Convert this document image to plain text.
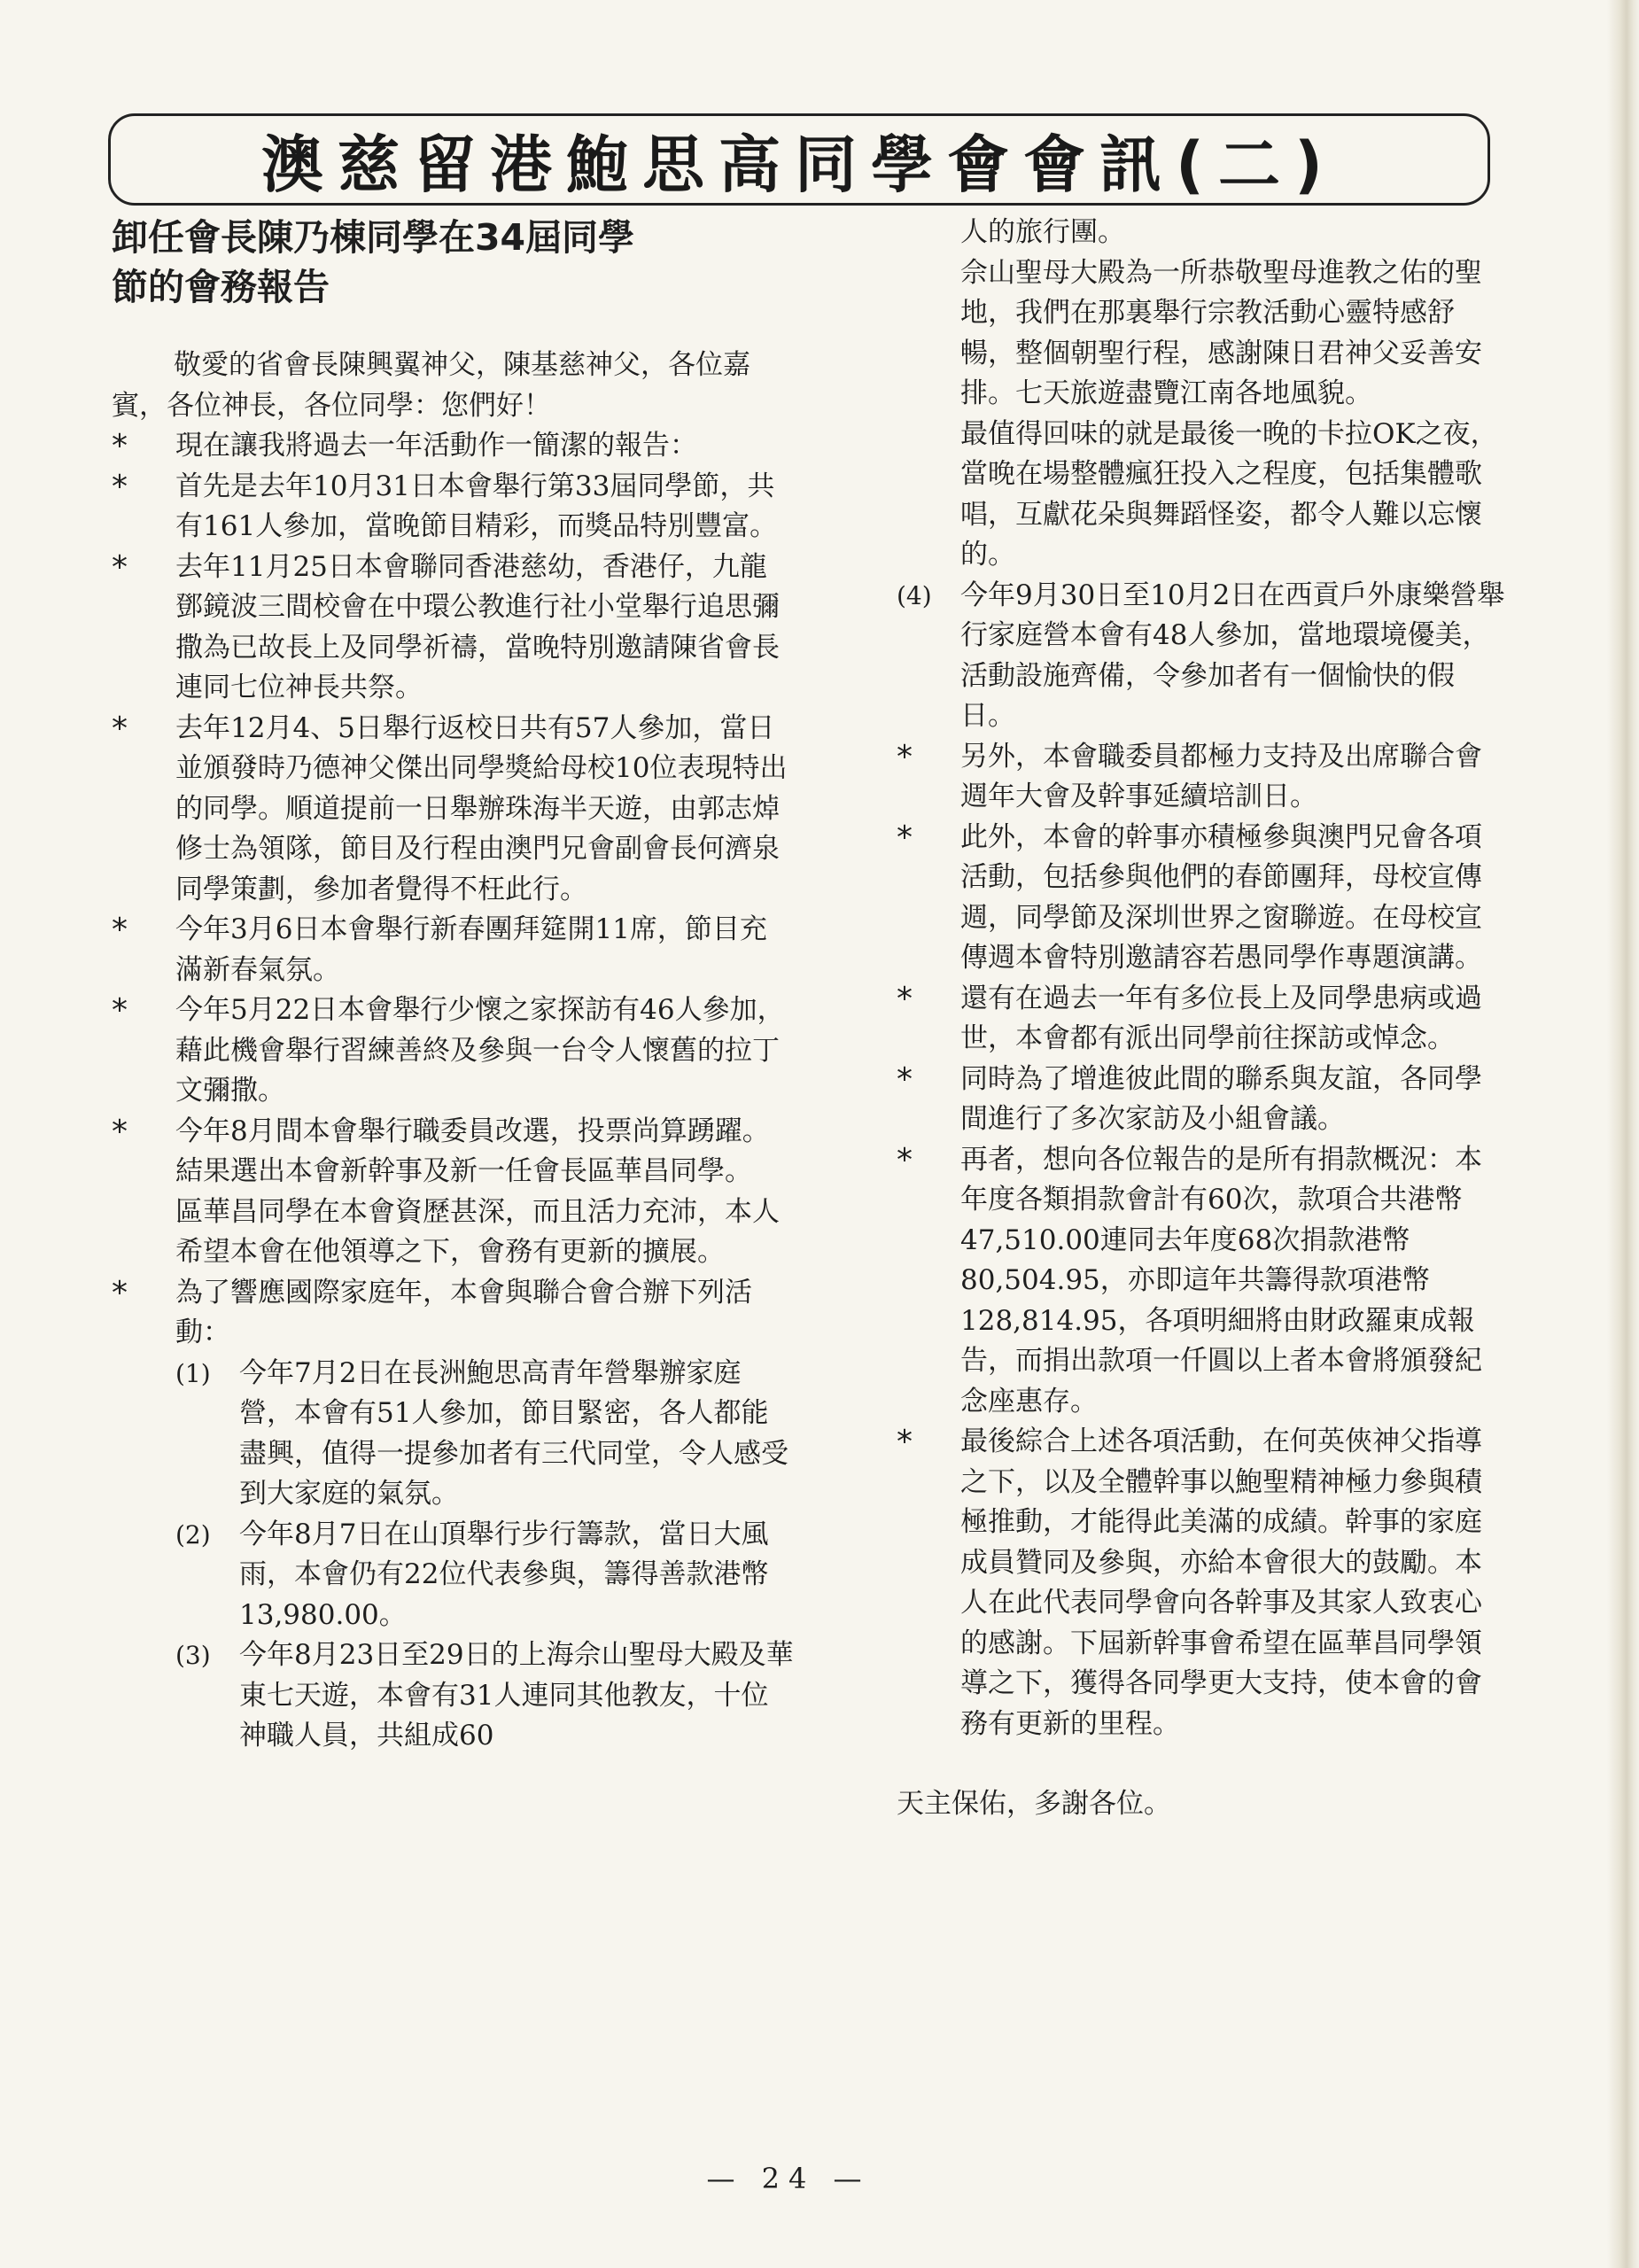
澳慈留港鮑思高同學會會訊(二)
卸任會長陳乃棟同學在34屆同學
節的會務報告

敬愛的省會長陳興翼神父，陳基慈神父，各位嘉賓，各位神長，各位同學：您們好！

*	現在讓我將過去一年活動作一簡潔的報告：
*	首先是去年10月31日本會舉行第33屆同學節，共有161人參加，當晚節目精彩，而獎品特別豐富。
*	去年11月25日本會聯同香港慈幼，香港仔，九龍鄧鏡波三間校會在中環公教進行社小堂舉行追思彌撒為已故長上及同學祈禱，當晚特別邀請陳省會長連同七位神長共祭。
*	去年12月4、5日舉行返校日共有57人參加，當日並頒發時乃德神父傑出同學獎給母校10位表現特出的同學。順道提前一日舉辦珠海半天遊，由郭志焯修士為領隊，節目及行程由澳門兄會副會長何濟泉同學策劃，參加者覺得不枉此行。
*	今年3月6日本會舉行新春團拜筵開11席，節目充滿新春氣氛。
*	今年5月22日本會舉行少懷之家探訪有46人參加，藉此機會舉行習練善終及參與一台令人懷舊的拉丁文彌撒。
*	今年8月間本會舉行職委員改選，投票尚算踴躍。

結果選出本會新幹事及新一任會長區華昌同學。

區華昌同學在本會資歷甚深，而且活力充沛，本人希望本會在他領導之下，會務有更新的擴展。

*	為了響應國際家庭年，本會與聯合會合辦下列活動：
(1)	今年7月2日在長洲鮑思高青年營舉辦家庭營，本會有51人參加，節目緊密，各人都能盡興，值得一提參加者有三代同堂，令人感受到大家庭的氣氛。
(2)	今年8月7日在山頂舉行步行籌款，當日大風雨，本會仍有22位代表參與，籌得善款港幣13,980.00。
(3)	今年8月23日至29日的上海佘山聖母大殿及華東七天遊，本會有31人連同其他教友，十位神職人員，共組成60

人的旅行團。

佘山聖母大殿為一所恭敬聖母進教之佑的聖地，我們在那裏舉行宗教活動心靈特感舒暢，整個朝聖行程，感謝陳日君神父妥善安排。七天旅遊盡覽江南各地風貌。

最值得回味的就是最後一晚的卡拉OK之夜，當晚在場整體瘋狂投入之程度，包括集體歌唱，互獻花朵與舞蹈怪姿，都令人難以忘懷的。

(4)	今年9月30日至10月2日在西貢戶外康樂營舉行家庭營本會有48人參加，當地環境優美，活動設施齊備，令參加者有一個愉快的假日。
*	另外，本會職委員都極力支持及出席聯合會週年大會及幹事延續培訓日。
*	此外，本會的幹事亦積極參與澳門兄會各項活動，包括參與他們的春節團拜，母校宣傳週，同學節及深圳世界之窗聯遊。在母校宣傳週本會特別邀請容若愚同學作專題演講。
*	還有在過去一年有多位長上及同學患病或過世，本會都有派出同學前往探訪或悼念。
*	同時為了增進彼此間的聯系與友誼，各同學間進行了多次家訪及小組會議。
*	再者，想向各位報告的是所有捐款概況：本年度各類捐款會計有60次，款項合共港幣47,510.00連同去年度68次捐款港幣80,504.95，亦即這年共籌得款項港幣128,814.95，各項明細將由財政羅東成報告，而捐出款項一仟圓以上者本會將頒發紀念座惠存。
*	最後綜合上述各項活動，在何英俠神父指導之下，以及全體幹事以鮑聖精神極力參與積極推動，才能得此美滿的成績。幹事的家庭成員贊同及參與，亦給本會很大的鼓勵。本人在此代表同學會向各幹事及其家人致衷心的感謝。下屆新幹事會希望在區華昌同學領導之下，獲得各同學更大支持，使本會的會務有更新的里程。

天主保佑，多謝各位。

— 24 —
